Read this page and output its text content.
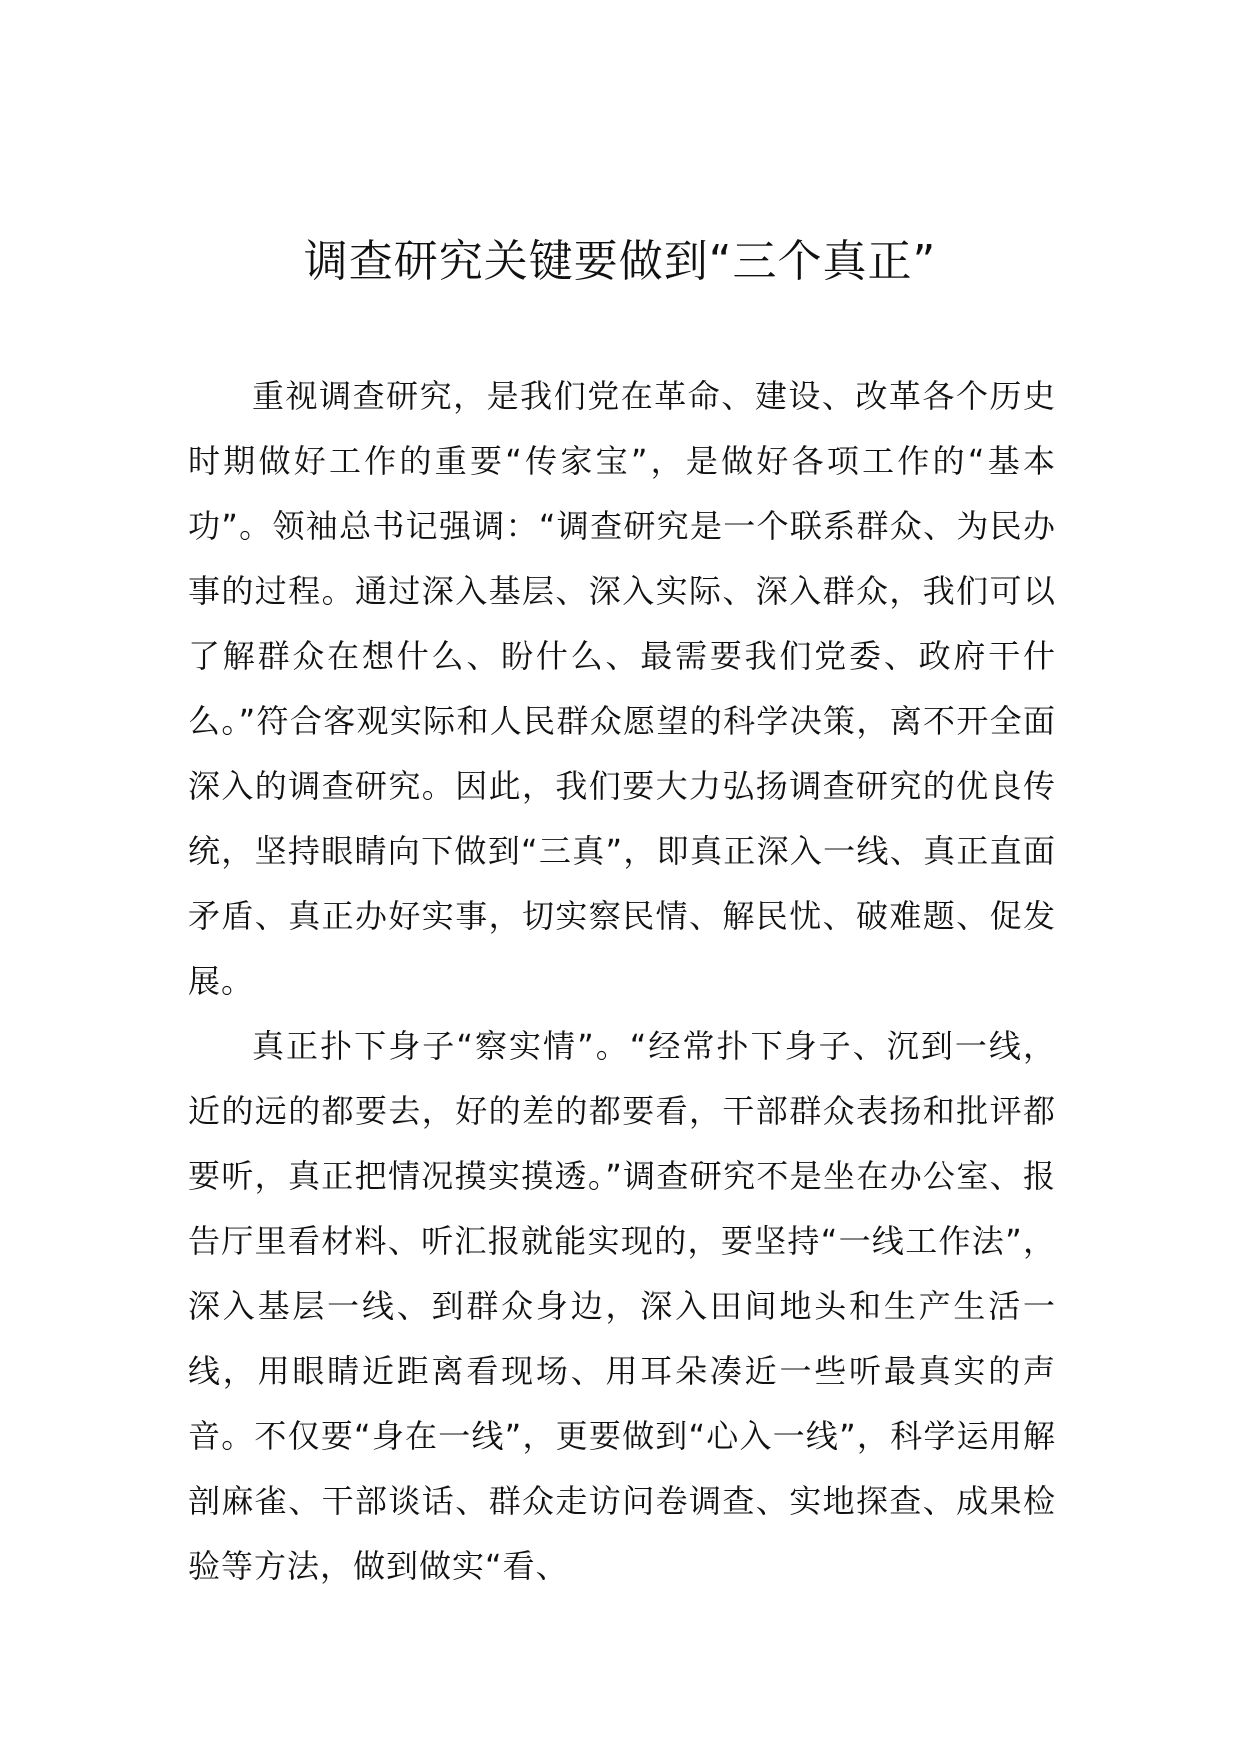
调查研究关键要做到“三个真正”

重视调查研究，是我们党在革命、建设、改革各个历史时期做好工作的重要“传家宝”，是做好各项工作的“基本功”。领袖总书记强调：“调查研究是一个联系群众、为民办事的过程。通过深入基层、深入实际、深入群众，我们可以了解群众在想什么、盼什么、最需要我们党委、政府干什么。”符合客观实际和人民群众愿望的科学决策，离不开全面深入的调查研究。因此，我们要大力弘扬调查研究的优良传统，坚持眼睛向下做到“三真”，即真正深入一线、真正直面矛盾、真正办好实事，切实察民情、解民忧、破难题、促发展。

真正扑下身子“察实情”。“经常扑下身子、沉到一线，近的远的都要去，好的差的都要看，干部群众表扬和批评都要听，真正把情况摸实摸透。”调查研究不是坐在办公室、报告厅里看材料、听汇报就能实现的，要坚持“一线工作法”，深入基层一线、到群众身边，深入田间地头和生产生活一线，用眼睛近距离看现场、用耳朵凑近一些听最真实的声音。不仅要“身在一线”，更要做到“心入一线”，科学运用解剖麻雀、干部谈话、群众走访问卷调查、实地探查、成果检验等方法，做到做实“看、
